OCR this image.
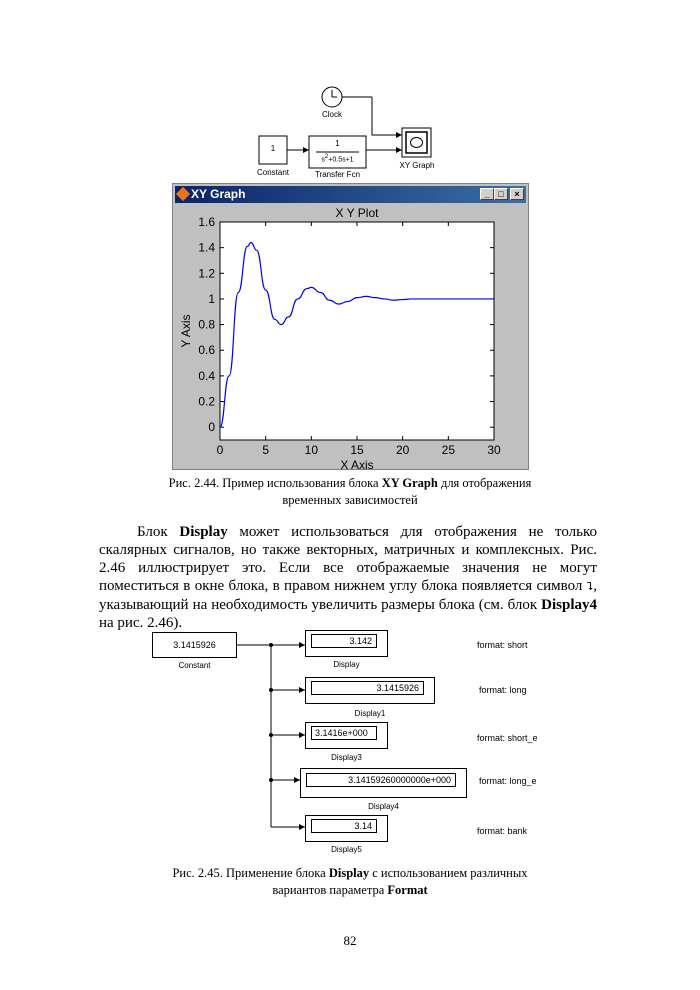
Clock
1
Constant
1
$s^2+0.5s+1$
Transfer Fcn
XY Graph
XY Graph	_ □	×
X Y Plot
X Axis
Y Axis
0	5	10	15	20	25	30
0
0.2
0.4
0.6
0.8
1
1.2
1.4
1.6
Рис. 2.44. Пример использования блока XY Graph для отображения
временных зависимостей

Блок Display может использоваться для отображения не только скалярных сигналов, но также векторных, матричных и комплексных. Рис. 2.46 иллюстрирует это. Если все отображаемые значения не могут поместиться в окне блока, в правом нижнем углу блока появляется символ ⮧, указывающий на необходимость увеличить размеры блока (см. блок Display4 на рис. 2.46).

3.1415926
Constant
3.142
Display
format: short
3.1415926
Display1
format: long
3.1416e+000
Display3
format: short_e
3.14159260000000e+000
Display4
format: long_e
3.14
Display5
format: bank
Рис. 2.45. Применение блока Display с использованием различных
вариантов параметра Format
82
